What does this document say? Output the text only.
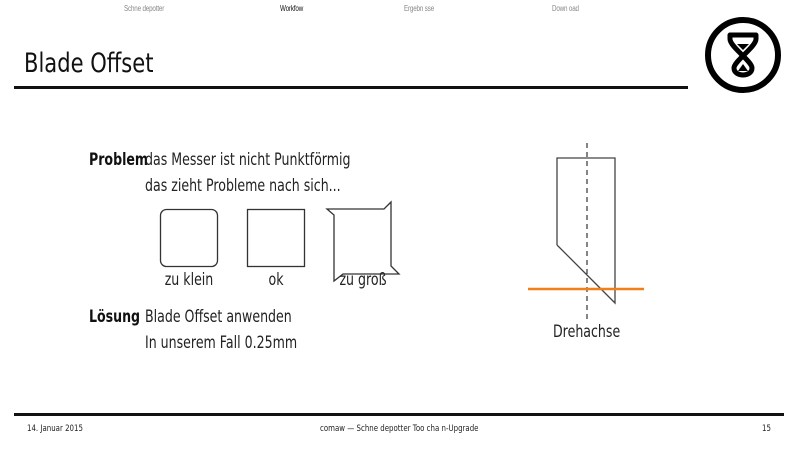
Schne depotter	Workfow	Ergebn sse	Down oad
Blade Offset
Problem
das Messer ist nicht Punktförmig
das zieht Probleme nach sich...
zu klein	ok	zu groß
Lösung Blade Offset anwenden
In unserem Fall 0.25mm
Drehachse
14. Januar 2015	comaw — Schne depotter Too cha n-Upgrade	15
